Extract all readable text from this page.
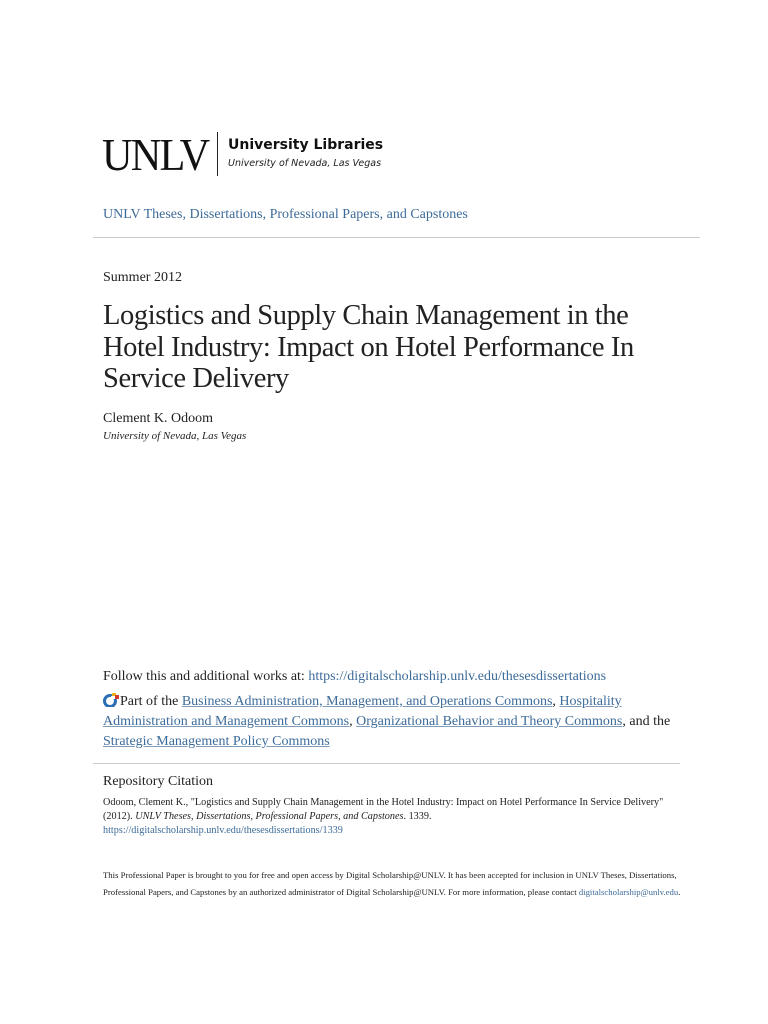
UNLV University Libraries
University of Nevada, Las Vegas
UNLV Theses, Dissertations, Professional Papers, and Capstones
Summer 2012
Logistics and Supply Chain Management in the Hotel Industry: Impact on Hotel Performance In Service Delivery
Clement K. Odoom
University of Nevada, Las Vegas
Follow this and additional works at: https://digitalscholarship.unlv.edu/thesesdissertations
Part of the Business Administration, Management, and Operations Commons, Hospitality Administration and Management Commons, Organizational Behavior and Theory Commons, and the Strategic Management Policy Commons
Repository Citation
Odoom, Clement K., "Logistics and Supply Chain Management in the Hotel Industry: Impact on Hotel Performance In Service Delivery" (2012). UNLV Theses, Dissertations, Professional Papers, and Capstones. 1339.
https://digitalscholarship.unlv.edu/thesesdissertations/1339
This Professional Paper is brought to you for free and open access by Digital Scholarship@UNLV. It has been accepted for inclusion in UNLV Theses, Dissertations, Professional Papers, and Capstones by an authorized administrator of Digital Scholarship@UNLV. For more information, please contact digitalscholarship@unlv.edu.
